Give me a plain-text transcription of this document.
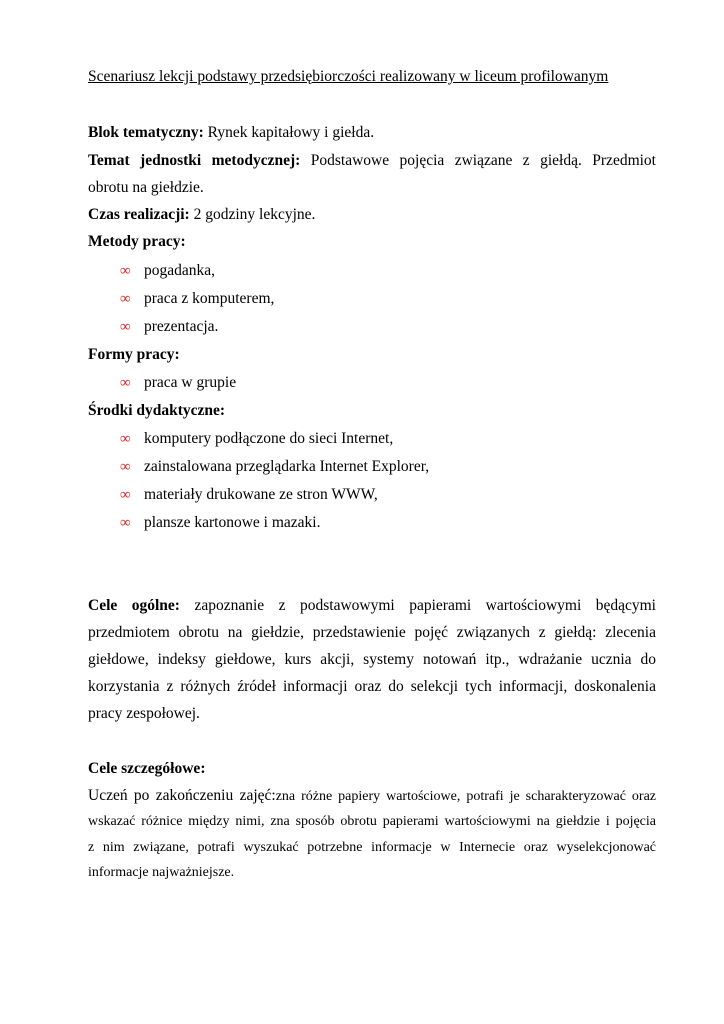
Scenariusz lekcji podstawy przedsiębiorczości realizowany w liceum profilowanym
Blok tematyczny: Rynek kapitałowy i giełda.
Temat jednostki metodycznej: Podstawowe pojęcia związane z giełdą. Przedmiot
obrotu na giełdzie.
Czas realizacji: 2 godziny lekcyjne.
Metody pracy:
∞ pogadanka,
∞ praca z komputerem,
∞ prezentacja.
Formy pracy:
∞ praca w grupie
Środki dydaktyczne:
∞ komputery podłączone do sieci Internet,
∞ zainstalowana przeglądarka Internet Explorer,
∞ materiały drukowane ze stron WWW,
∞ plansze kartonowe i mazaki.
Cele ogólne: zapoznanie z podstawowymi papierami wartościowymi będącymi
przedmiotem obrotu na giełdzie, przedstawienie pojęć związanych z giełdą: zlecenia
giełdowe, indeksy giełdowe, kurs akcji, systemy notowań itp., wdrażanie ucznia do
korzystania z różnych źródeł informacji oraz do selekcji tych informacji, doskonalenia
pracy zespołowej.
Cele szczegółowe:
Uczeń po zakończeniu zajęć:zna różne papiery wartościowe, potrafi je scharakteryzować oraz
wskazać różnice między nimi, zna sposób obrotu papierami wartościowymi na giełdzie i pojęcia
z nim związane, potrafi wyszukać potrzebne informacje w Internecie oraz wyselekcjonować
informacje najważniejsze.
